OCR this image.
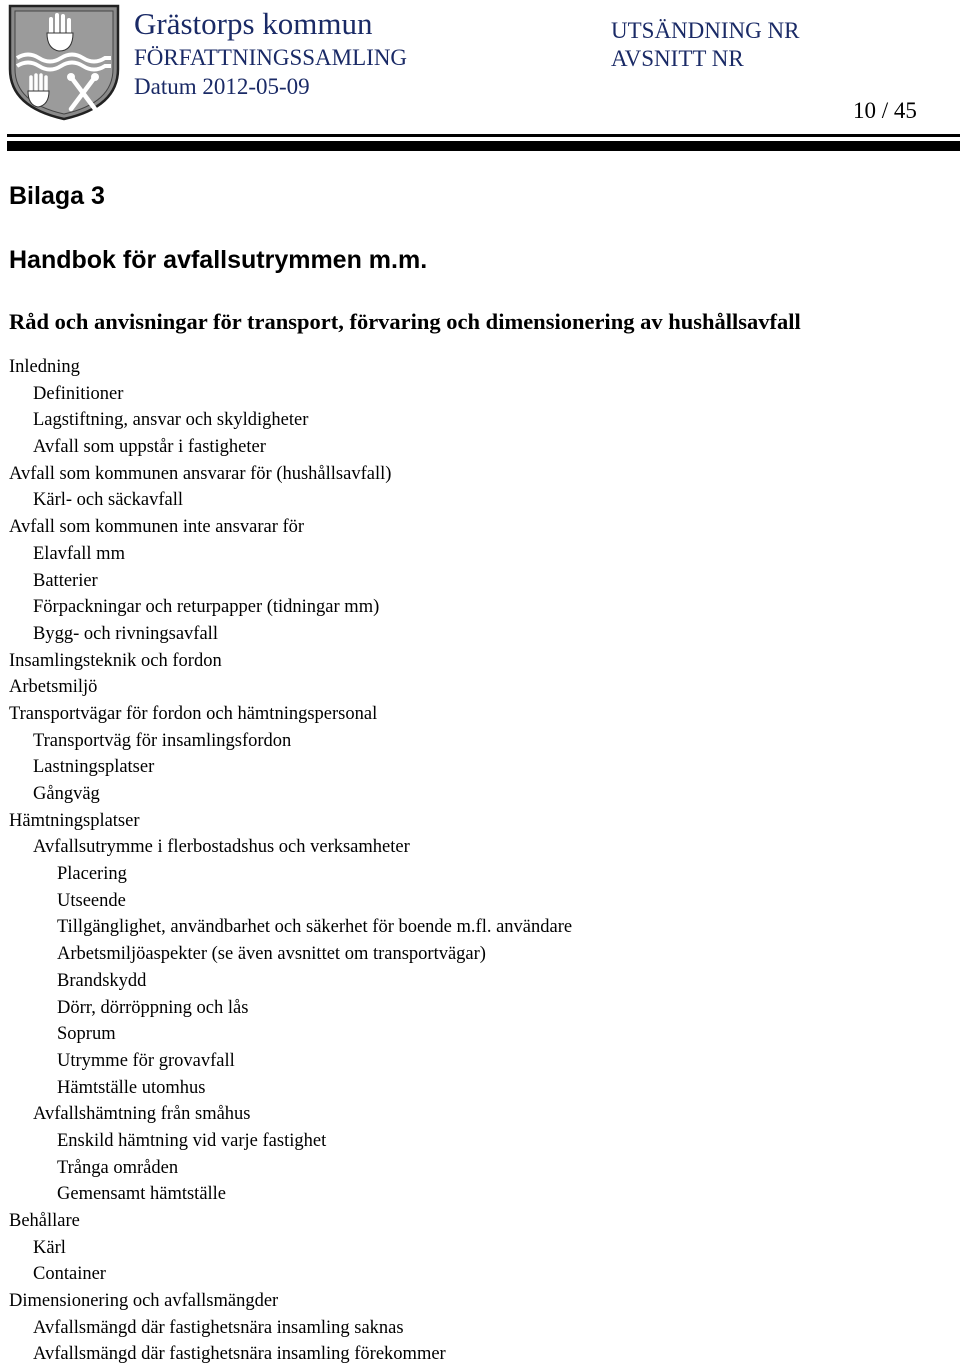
Grästorps kommun
FÖRFATTNINGSSAMLING
Datum 2012-05-09
UTSÄNDNING NR
AVSNITT NR
10 / 45
Bilaga 3
Handbok för avfallsutrymmen m.m.
Råd och anvisningar för transport, förvaring och dimensionering av hushållsavfall
Inledning
Definitioner
Lagstiftning, ansvar och skyldigheter
Avfall som uppstår i fastigheter
Avfall som kommunen ansvarar för (hushållsavfall)
Kärl- och säckavfall
Avfall som kommunen inte ansvarar för
Elavfall mm
Batterier
Förpackningar och returpapper (tidningar mm)
Bygg- och rivningsavfall
Insamlingsteknik och fordon
Arbetsmiljö
Transportvägar för fordon och hämtningspersonal
Transportväg för insamlingsfordon
Lastningsplatser
Gångväg
Hämtningsplatser
Avfallsutrymme i flerbostadshus och verksamheter
Placering
Utseende
Tillgänglighet, användbarhet och säkerhet för boende m.fl. användare
Arbetsmiljöaspekter (se även avsnittet om transportvägar)
Brandskydd
Dörr, dörröppning och lås
Soprum
Utrymme för grovavfall
Hämtställe utomhus
Avfallshämtning från småhus
Enskild hämtning vid varje fastighet
Trånga områden
Gemensamt hämtställe
Behållare
Kärl
Container
Dimensionering och avfallsmängder
Avfallsmängd där fastighetsnära insamling saknas
Avfallsmängd där fastighetsnära insamling förekommer
